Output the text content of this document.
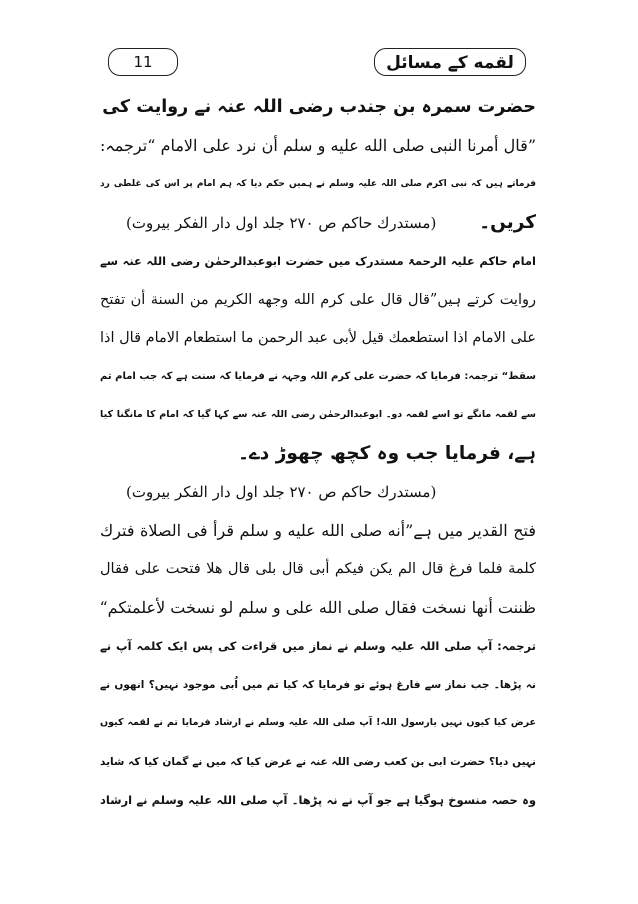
11	لقمه کے مسائل
حضرت سمرہ بن جندب رضی اللہ عنہ نے روایت کی
”قال أمرنا النبی صلی الله علیه و سلم أن نرد علی الامام “ترجمہ:
فرماتے ہیں کہ نبی اکرم صلی اللہ علیہ وسلم نے ہمیں حکم دیا کہ ہم امام پر اس کی غلطی رد
کریں۔
(مستدرك حاكم ص ٢٧٠ جلد اول دار الفكر بيروت)
امام حاکم علیہ الرحمۃ مستدرک میں حضرت ابوعبدالرحمٰن رضی اللہ عنہ سے
روایت کرتے ہیں”قال قال علی كرم الله وجهه الكريم من السنة أن تفتح
علی الامام اذا استطعمك قيل لأبی عبد الرحمن ما استطعام الامام قال اذا
سقط“ ترجمہ: فرمایا کہ حضرت علی کرم اللہ وجہہ نے فرمایا کہ سنت ہے کہ جب امام تم
سے لقمہ مانگے تو اسے لقمہ دو۔ ابوعبدالرحمٰن رضی اللہ عنہ سے کہا گیا کہ امام کا مانگنا کیا
ہے، فرمایا جب وہ کچھ چھوڑ دے۔
(مستدرك حاكم ص ٢٧٠ جلد اول دار الفكر بيروت)
فتح القدیر میں ہے”أنه صلى الله عليه و سلم قرأ فی الصلاة فترك
كلمة فلما فرغ قال الم يكن فيكم أبی قال بلى قال هلا فتحت علی فقال
ظننت أنها نسخت فقال صلی الله علی و سلم لو نسخت لأعلمتكم“
ترجمہ: آپ صلی اللہ علیہ وسلم نے نماز میں قراءت کی پس ایک کلمہ آپ نے
نہ پڑھا۔ جب نماز سے فارغ ہوئے تو فرمایا کہ کیا تم میں اُبی موجود نہیں؟ انھوں نے
عرض کیا کیوں نہیں یارسول اللہ! آپ صلی اللہ علیہ وسلم نے ارشاد فرمایا تم نے لقمہ کیوں
نہیں دیا؟ حضرت ابی بن کعب رضی اللہ عنہ نے عرض کیا کہ میں نے گمان کیا کہ شاید
وہ حصہ منسوخ ہوگیا ہے جو آپ نے نہ پڑھا۔ آپ صلی اللہ علیہ وسلم نے ارشاد
